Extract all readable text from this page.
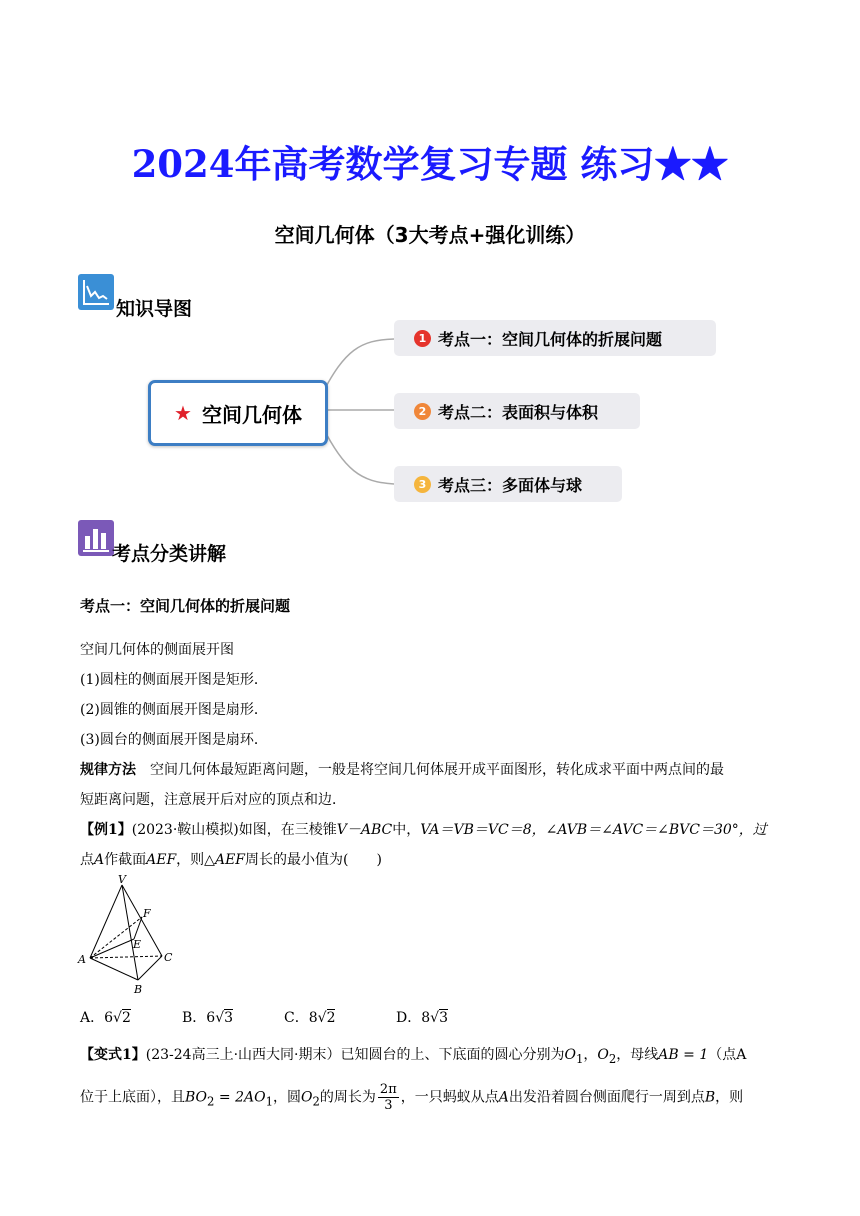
2024年高考数学复习专题 练习★★
空间几何体（3大考点+强化训练）
知识导图
★ 空间几何体
1 考点一：空间几何体的折展问题
2 考点二：表面积与体积
3 考点三：多面体与球
考点分类讲解
考点一：空间几何体的折展问题
空间几何体的侧面展开图
(1)圆柱的侧面展开图是矩形．
(2)圆锥的侧面展开图是扇形．
(3)圆台的侧面展开图是扇环．
规律方法　空间几何体最短距离问题，一般是将空间几何体展开成平面图形，转化成求平面中两点间的最
短距离问题，注意展开后对应的顶点和边．
【例1】(2023·鞍山模拟)如图，在三棱锥V－ABC中，VA＝VB＝VC＝8，∠AVB＝∠AVC＝∠BVC＝30°，过
点A作截面AEF，则△AEF周长的最小值为(　　)
V
F
E
A	C
B
A．6√2	B．6√3	C．8√2	D．8√3
【变式1】(23-24高三上·山西大同·期末）已知圆台的上、下底面的圆心分别为$O_1$，$O_2$，母线AB = 1（点A
位于上底面），且$BO_2 = 2AO_1$，圆$O_2$的周长为 $\frac{2\pi}{3}$ ，一只蚂蚁从点A出发沿着圆台侧面爬行一周到点B，则
